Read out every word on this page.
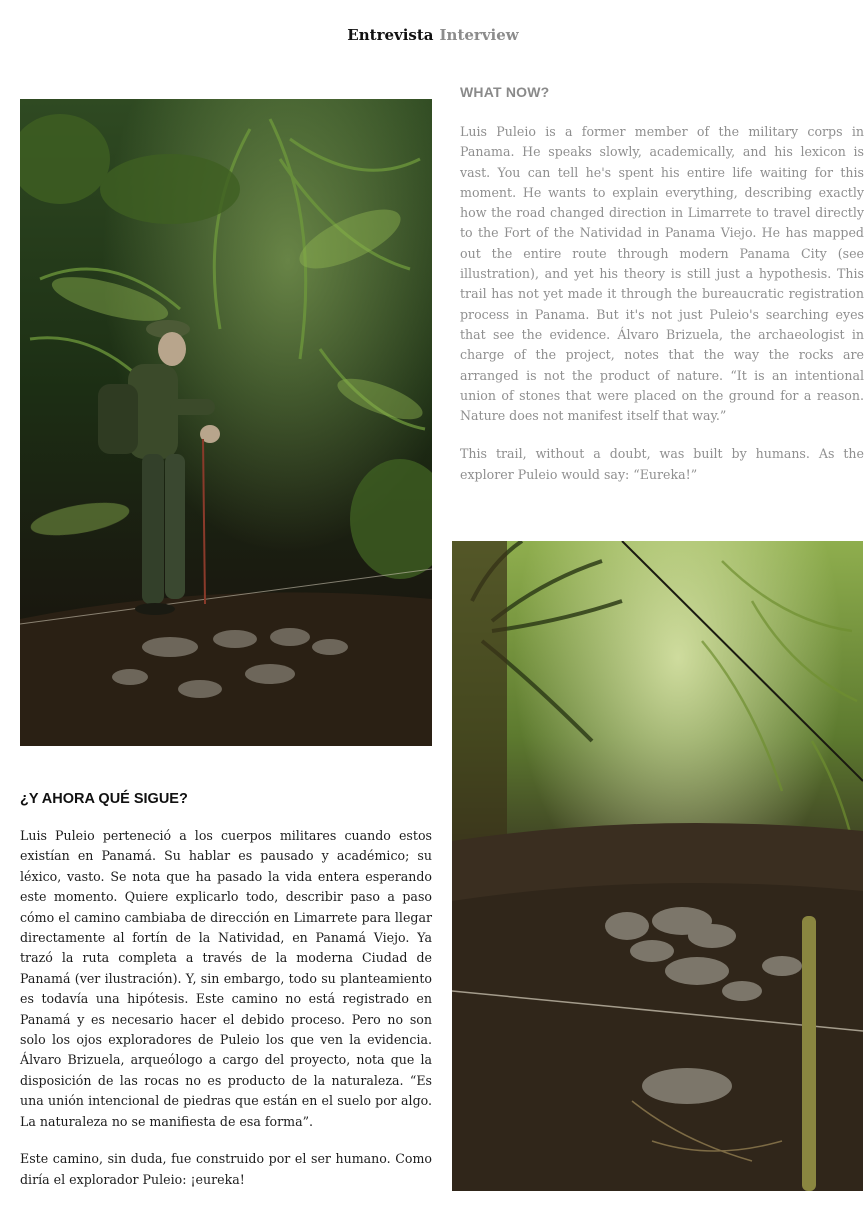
Entrevista Interview
WHAT NOW?

Luis Puleio is a former member of the military corps in Panama. He speaks slowly, academically, and his lexicon is vast. You can tell he's spent his entire life waiting for this moment. He wants to explain everything, describing exactly how the road changed direction in Limarrete to travel directly to the Fort of the Natividad in Panama Viejo. He has mapped out the entire route through modern Panama City (see illustration), and yet his theory is still just a hypothesis. This trail has not yet made it through the bureaucratic registration process in Panama. But it's not just Puleio's searching eyes that see the evidence. Álvaro Brizuela, the archaeologist in charge of the project, notes that the way the rocks are arranged is not the product of nature. “It is an intentional union of stones that were placed on the ground for a reason. Nature does not manifest itself that way.”

This trail, without a doubt, was built by humans. As the explorer Puleio would say: “Eureka!”

¿Y AHORA QUÉ SIGUE?

Luis Puleio perteneció a los cuerpos militares cuando estos existían en Panamá. Su hablar es pausado y académico; su léxico, vasto. Se nota que ha pasado la vida entera esperando este momento. Quiere explicarlo todo, describir paso a paso cómo el camino cambiaba de dirección en Limarrete para llegar directamente al fortín de la Natividad, en Panamá Viejo. Ya trazó la ruta completa a través de la moderna Ciudad de Panamá (ver ilustración). Y, sin embargo, todo su planteamiento es todavía una hipótesis. Este camino no está registrado en Panamá y es necesario hacer el debido proceso. Pero no son solo los ojos exploradores de Puleio los que ven la evidencia. Álvaro Brizuela, arqueólogo a cargo del proyecto, nota que la disposición de las rocas no es producto de la naturaleza. “Es una unión intencional de piedras que están en el suelo por algo. La naturaleza no se manifiesta de esa forma”.

Este camino, sin duda, fue construido por el ser humano. Como diría el explorador Puleio: ¡eureka!
